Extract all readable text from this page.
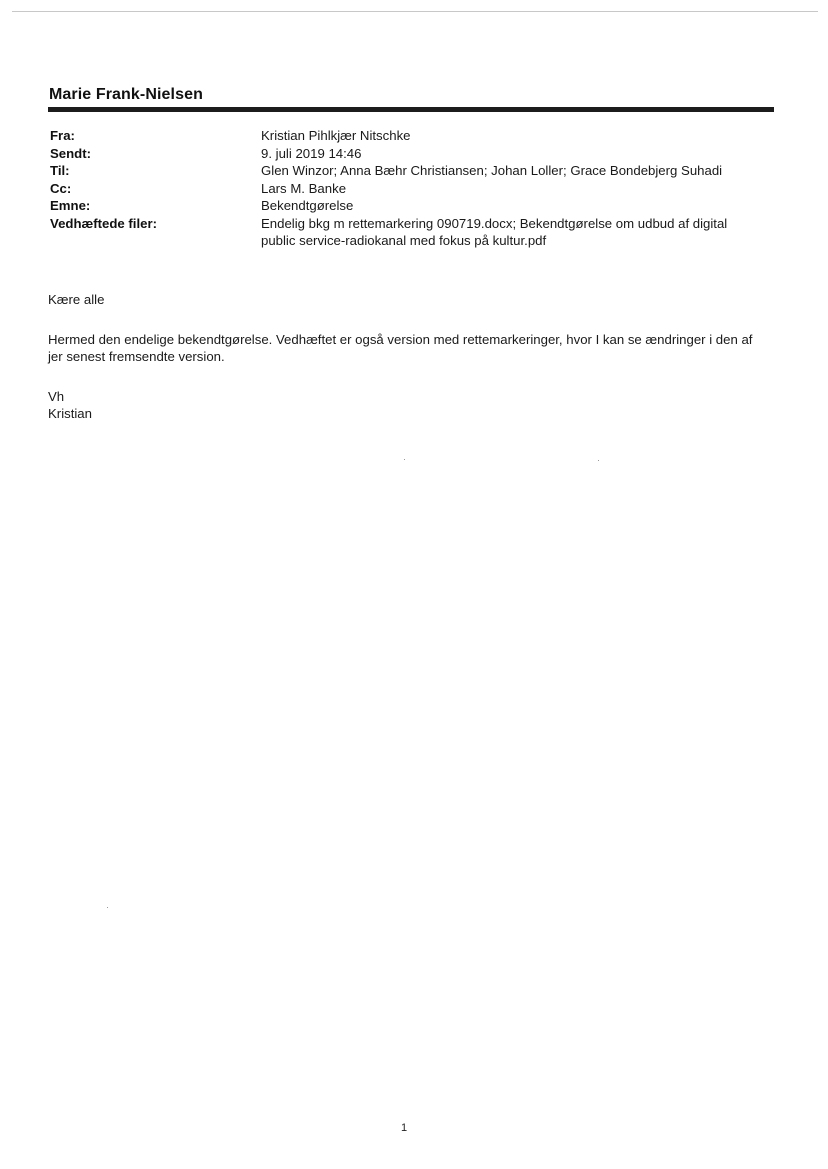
Marie Frank-Nielsen
Fra:	Kristian Pihlkjær Nitschke
Sendt:	9. juli 2019 14:46
Til:	Glen Winzor; Anna Bæhr Christiansen; Johan Loller; Grace Bondebjerg Suhadi
Cc:	Lars M. Banke
Emne:	Bekendtgørelse
Vedhæftede filer:	Endelig bkg m rettemarkering 090719.docx; Bekendtgørelse om udbud af digital public service-radiokanal med fokus på kultur.pdf

Kære alle

Hermed den endelige bekendtgørelse. Vedhæftet er også version med rettemarkeringer, hvor I kan se ændringer i den af jer senest fremsendte version.

Vh

Kristian

1
